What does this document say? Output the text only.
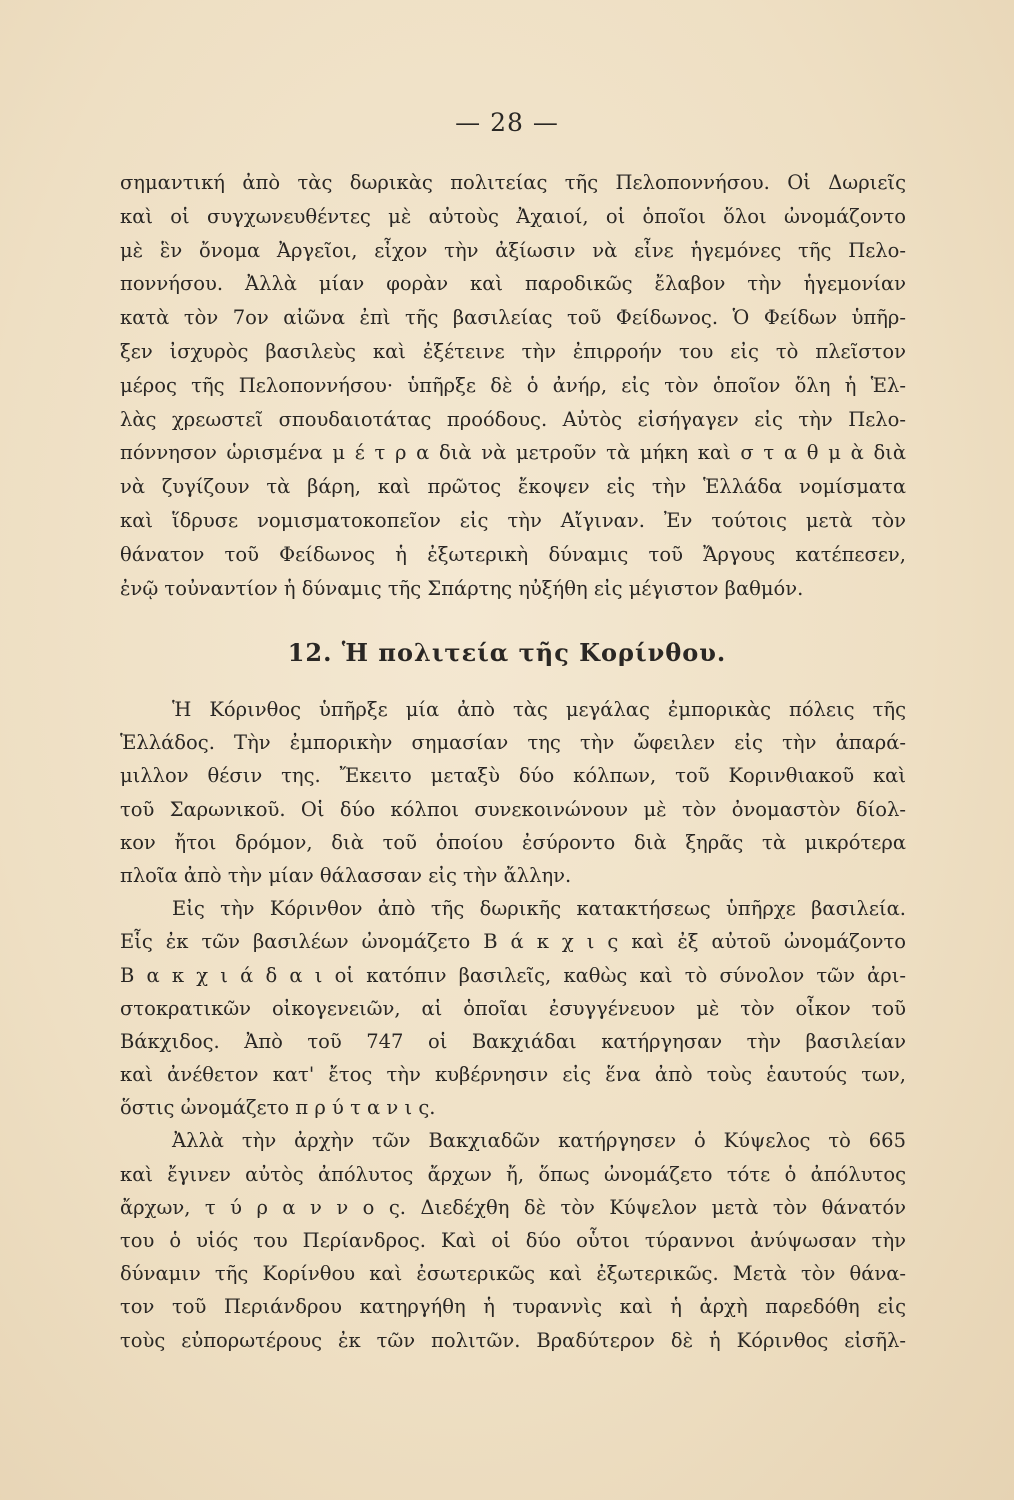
— 28 —
σημαντική ἀπὸ τὰς δωρικὰς πολιτείας τῆς Πελοποννήσου. Οἱ Δωριεῖς
καὶ οἱ συγχωνευθέντες μὲ αὐτοὺς Ἀχαιοί, οἱ ὁποῖοι ὅλοι ὠνομάζοντο
μὲ ἓν ὄνομα Ἀργεῖοι, εἶχον τὴν ἀξίωσιν νὰ εἶνε ἡγεμόνες τῆς Πελο-
ποννήσου. Ἀλλὰ μίαν φορὰν καὶ παροδικῶς ἔλαβον τὴν ἡγεμονίαν
κατὰ τὸν 7ον αἰῶνα ἐπὶ τῆς βασιλείας τοῦ Φείδωνος. Ὁ Φείδων ὑπῆρ-
ξεν ἰσχυρὸς βασιλεὺς καὶ ἐξέτεινε τὴν ἐπιρροήν του εἰς τὸ πλεῖστον
μέρος τῆς Πελοποννήσου· ὑπῆρξε δὲ ὁ ἀνήρ, εἰς τὸν ὁποῖον ὅλη ἡ Ἑλ-
λὰς χρεωστεῖ σπουδαιοτάτας προόδους. Αὐτὸς εἰσήγαγεν εἰς τὴν Πελο-
πόννησον ὡρισμένα μ έ τ ρ α διὰ νὰ μετροῦν τὰ μήκη καὶ σ τ α θ μ ὰ διὰ
νὰ ζυγίζουν τὰ βάρη, καὶ πρῶτος ἔκοψεν εἰς τὴν Ἑλλάδα νομίσματα
καὶ ἵδρυσε νομισματοκοπεῖον εἰς τὴν Αἴγιναν. Ἐν τούτοις μετὰ τὸν
θάνατον τοῦ Φείδωνος ἡ ἐξωτερικὴ δύναμις τοῦ Ἄργους κατέπεσεν,
ἐνῷ τοὐναντίον ἡ δύναμις τῆς Σπάρτης ηὐξήθη εἰς μέγιστον βαθμόν.
12. Ἡ πολιτεία τῆς Κορίνθου.
Ἡ Κόρινθος ὑπῆρξε μία ἀπὸ τὰς μεγάλας ἐμπορικὰς πόλεις τῆς
Ἑλλάδος. Τὴν ἐμπορικὴν σημασίαν της τὴν ὤφειλεν εἰς τὴν ἀπαρά-
μιλλον θέσιν της. Ἔκειτο μεταξὺ δύο κόλπων, τοῦ Κορινθιακοῦ καὶ
τοῦ Σαρωνικοῦ. Οἱ δύο κόλποι συνεκοινώνουν μὲ τὸν ὀνομαστὸν δίολ-
κον ἤτοι δρόμον, διὰ τοῦ ὁποίου ἐσύροντο διὰ ξηρᾶς τὰ μικρότερα
πλοῖα ἀπὸ τὴν μίαν θάλασσαν εἰς τὴν ἄλλην.
Εἰς τὴν Κόρινθον ἀπὸ τῆς δωρικῆς κατακτήσεως ὑπῆρχε βασιλεία.
Εἷς ἐκ τῶν βασιλέων ὠνομάζετο Β ά κ χ ι ς καὶ ἐξ αὐτοῦ ὠνομάζοντο
Β α κ χ ι ά δ α ι οἱ κατόπιν βασιλεῖς, καθὼς καὶ τὸ σύνολον τῶν ἀρι-
στοκρατικῶν οἰκογενειῶν, αἱ ὁποῖαι ἐσυγγένευον μὲ τὸν οἶκον τοῦ
Βάκχιδος. Ἀπὸ τοῦ 747 οἱ Βακχιάδαι κατήργησαν τὴν βασιλείαν
καὶ ἀνέθετον κατ' ἔτος τὴν κυβέρνησιν εἰς ἕνα ἀπὸ τοὺς ἑαυτούς των,
ὅστις ὠνομάζετο π ρ ύ τ α ν ι ς.
Ἀλλὰ τὴν ἀρχὴν τῶν Βακχιαδῶν κατήργησεν ὁ Κύψελος τὸ 665
καὶ ἔγινεν αὐτὸς ἀπόλυτος ἄρχων ἤ, ὅπως ὠνομάζετο τότε ὁ ἀπόλυτος
ἄρχων, τ ύ ρ α ν ν ο ς. Διεδέχθη δὲ τὸν Κύψελον μετὰ τὸν θάνατόν
του ὁ υἱός του Περίανδρος. Καὶ οἱ δύο οὗτοι τύραννοι ἀνύψωσαν τὴν
δύναμιν τῆς Κορίνθου καὶ ἐσωτερικῶς καὶ ἐξωτερικῶς. Μετὰ τὸν θάνα-
τον τοῦ Περιάνδρου κατηργήθη ἡ τυραννὶς καὶ ἡ ἀρχὴ παρεδόθη εἰς
τοὺς εὐπορωτέρους ἐκ τῶν πολιτῶν. Βραδύτερον δὲ ἡ Κόρινθος εἰσῆλ-
